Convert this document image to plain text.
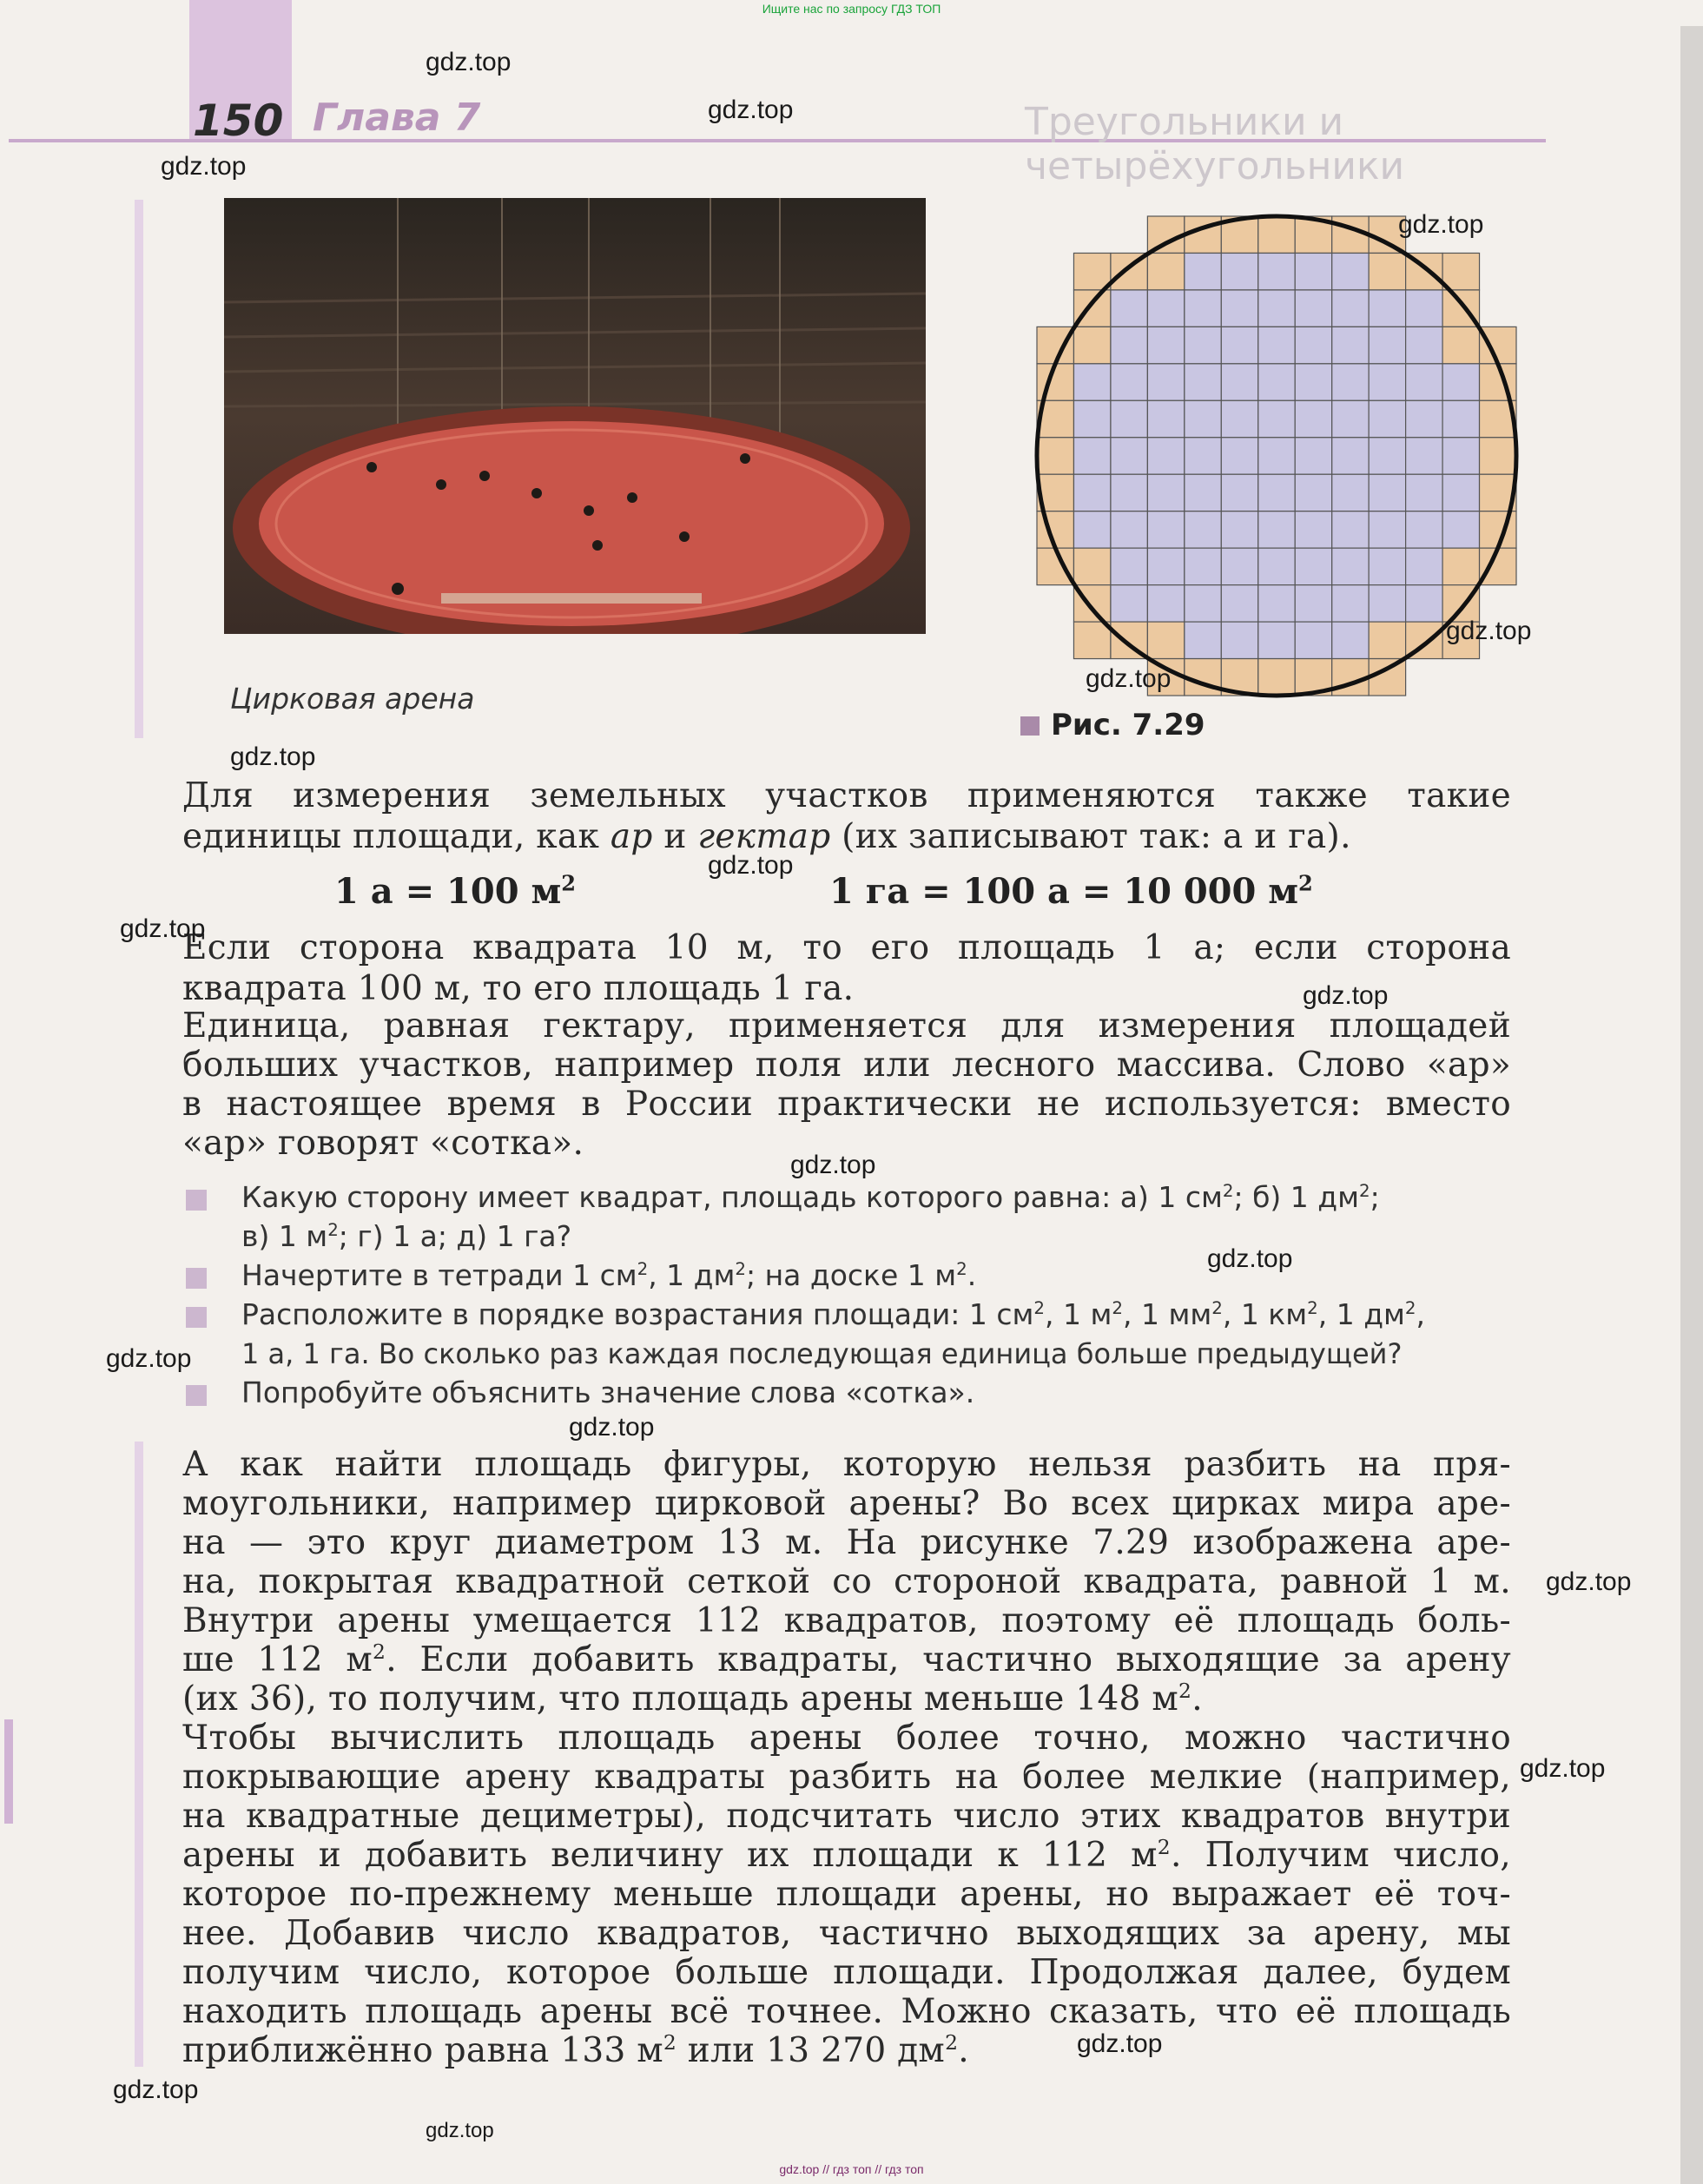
Ищите нас по запросу ГДЗ ТОП
Треугольники и четырёхугольники
150 Глава 7
Цирковая арена
Рис. 7.29
Для измерения земельных участков применяются также такие
единицы площади, как ар и гектар (их записывают так: а и га).
1 а = 100 $м^2$	1 га = 100 а = 10 000 $м^2$
Если сторона квадрата 10 м, то его площадь 1 а; если сторона
квадрата 100 м, то его площадь 1 га.
Единица, равная гектару, применяется для измерения площадей
больших участков, например поля или лесного массива. Слово «ар»
в настоящее время в России практически не используется: вместо
«ар» говорят «сотка».
Какую сторону имеет квадрат, площадь которого равна: а) 1 $см^2$; б) 1 $дм^2$;
в) 1 $м^2$; г) 1 а; д) 1 га?
Начертите в тетради 1 $см^2$, 1 $дм^2$; на доске 1 $м^2$.
Расположите в порядке возрастания площади: 1 $см^2$, 1 $м^2$, 1 $мм^2$, 1 $км^2$, 1 $дм^2$,
1 а, 1 га. Во сколько раз каждая последующая единица больше предыдущей?
Попробуйте объяснить значение слова «сотка».
А как найти площадь фигуры, которую нельзя разбить на пря-
моугольники, например цирковой арены? Во всех цирках мира аре-
на — это круг диаметром 13 м. На рисунке 7.29 изображена аре-
на, покрытая квадратной сеткой со стороной квадрата, равной 1 м.
Внутри арены умещается 112 квадратов, поэтому её площадь боль-
ше 112 $м^2$. Если добавить квадраты, частично выходящие за арену
(их 36), то получим, что площадь арены меньше 148 $м^2$.
Чтобы вычислить площадь арены более точно, можно частично
покрывающие арену квадраты разбить на более мелкие (например,
на квадратные дециметры), подсчитать число этих квадратов внутри
арены и добавить величину их площади к 112 $м^2$. Получим число,
которое по-прежнему меньше площади арены, но выражает её точ-
нее. Добавив число квадратов, частично выходящих за арену, мы
получим число, которое больше площади. Продолжая далее, будем
находить площадь арены всё точнее. Можно сказать, что её площадь
приближённо равна 133 $м^2$ или 13 270 $дм^2$.
gdz.top
gdz.top
gdz.top
gdz.top
gdz.top
gdz.top
gdz.top
gdz.top
gdz.top
gdz.top
gdz.top
gdz.top
gdz.top
gdz.top
gdz.top
gdz.top
gdz.top
gdz.top
gdz.top
gdz.top // гдз топ // гдз топ
